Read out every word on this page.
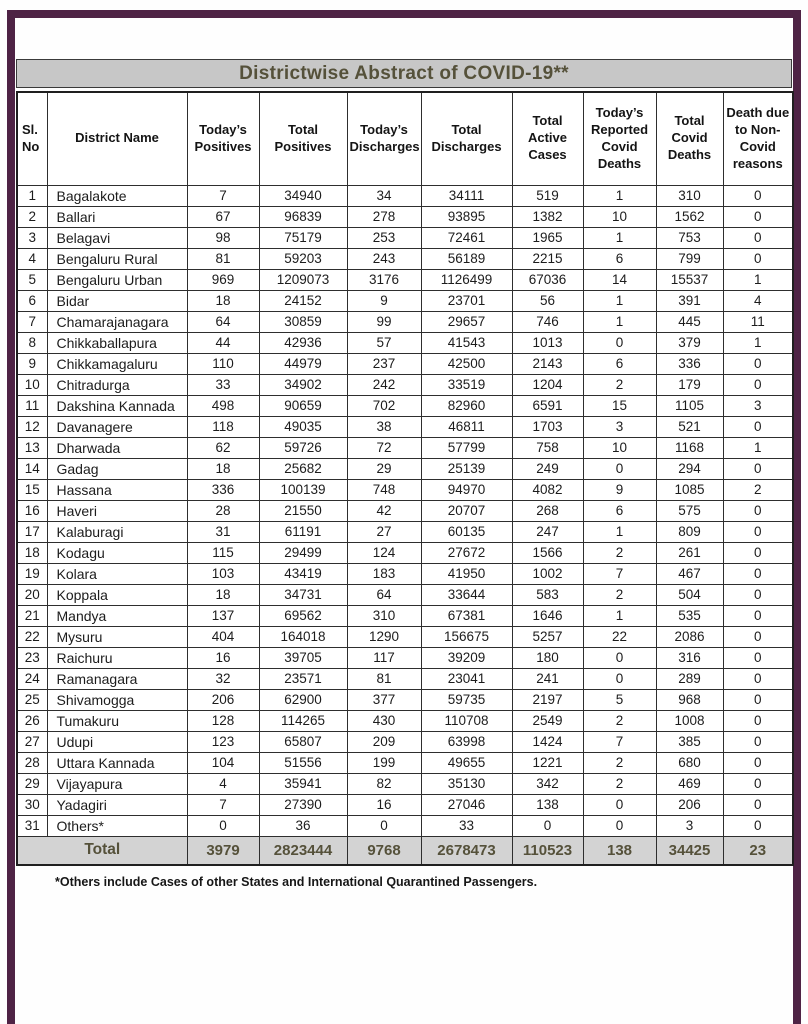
Districtwise Abstract of COVID-19**
Sl. No	District Name	Today’s Positives	Total Positives	Today’s Discharges	Total Discharges	Total Active Cases	Today’s Reported Covid Deaths	Total Covid Deaths	Death due to Non-Covid reasons
1	Bagalakote	7	34940	34	34111	519	1	310	0
2	Ballari	67	96839	278	93895	1382	10	1562	0
3	Belagavi	98	75179	253	72461	1965	1	753	0
4	Bengaluru Rural	81	59203	243	56189	2215	6	799	0
5	Bengaluru Urban	969	1209073	3176	1126499	67036	14	15537	1
6	Bidar	18	24152	9	23701	56	1	391	4
7	Chamarajanagara	64	30859	99	29657	746	1	445	11
8	Chikkaballapura	44	42936	57	41543	1013	0	379	1
9	Chikkamagaluru	110	44979	237	42500	2143	6	336	0
10	Chitradurga	33	34902	242	33519	1204	2	179	0
11	Dakshina Kannada	498	90659	702	82960	6591	15	1105	3
12	Davanagere	118	49035	38	46811	1703	3	521	0
13	Dharwada	62	59726	72	57799	758	10	1168	1
14	Gadag	18	25682	29	25139	249	0	294	0
15	Hassana	336	100139	748	94970	4082	9	1085	2
16	Haveri	28	21550	42	20707	268	6	575	0
17	Kalaburagi	31	61191	27	60135	247	1	809	0
18	Kodagu	115	29499	124	27672	1566	2	261	0
19	Kolara	103	43419	183	41950	1002	7	467	0
20	Koppala	18	34731	64	33644	583	2	504	0
21	Mandya	137	69562	310	67381	1646	1	535	0
22	Mysuru	404	164018	1290	156675	5257	22	2086	0
23	Raichuru	16	39705	117	39209	180	0	316	0
24	Ramanagara	32	23571	81	23041	241	0	289	0
25	Shivamogga	206	62900	377	59735	2197	5	968	0
26	Tumakuru	128	114265	430	110708	2549	2	1008	0
27	Udupi	123	65807	209	63998	1424	7	385	0
28	Uttara Kannada	104	51556	199	49655	1221	2	680	0
29	Vijayapura	4	35941	82	35130	342	2	469	0
30	Yadagiri	7	27390	16	27046	138	0	206	0
31	Others*	0	36	0	33	0	0	3	0
Total		3979	2823444	9768	2678473	110523	138	34425	23

*Others include Cases of other States and International Quarantined Passengers.
